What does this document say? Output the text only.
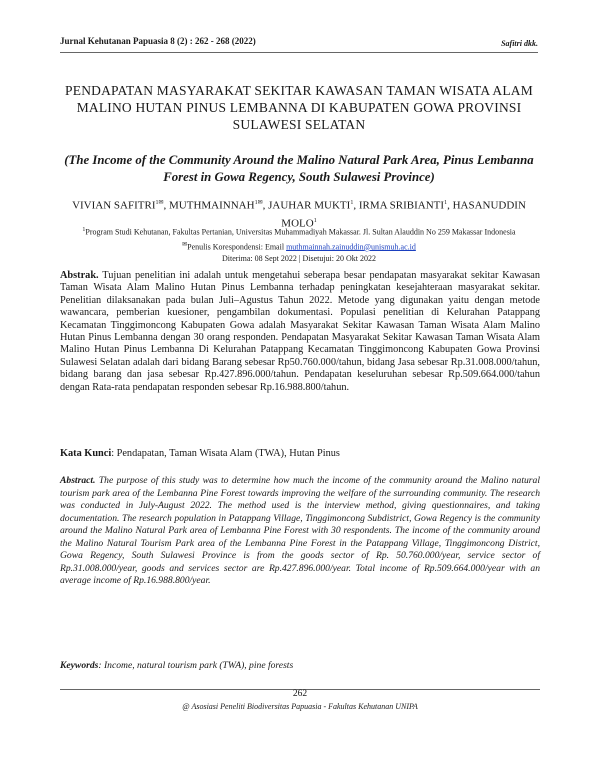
Jurnal Kehutanan Papuasia 8 (2) : 262 - 268 (2022)	Safitri dkk.
PENDAPATAN MASYARAKAT SEKITAR KAWASAN TAMAN WISATA ALAM MALINO HUTAN PINUS LEMBANNA DI KABUPATEN GOWA PROVINSI SULAWESI SELATAN
(The Income of the Community Around the Malino Natural Park Area, Pinus Lembanna Forest in Gowa Regency, South Sulawesi Province)
VIVIAN $SAFITRI^{1✉}$, $MUTHMAINNAH^{1✉}$, JAUHAR MUKTI$^1$, IRMA SRIBIANTI$^1$, HASANUDDIN MOLO$^1$
$^1$Program Studi Kehutanan, Fakultas Pertanian, Universitas Muhammadiyah Makassar. Jl. Sultan Alauddin No 259 Makassar Indonesia
✉Penulis Korespondensi: Email muthmainnah.zainuddin@unismuh.ac.id
Diterima: 08 Sept 2022 | Disetujui: 20 Okt 2022
Abstrak. Tujuan penelitian ini adalah untuk mengetahui seberapa besar pendapatan masyarakat sekitar Kawasan Taman Wisata Alam Malino Hutan Pinus Lembanna terhadap peningkatan kesejahteraan masyarakat sekitar. Penelitian dilaksanakan pada bulan Juli–Agustus Tahun 2022. Metode yang digunakan yaitu dengan metode wawancara, pemberian kuesioner, pengambilan dokumentasi. Populasi penelitian di Kelurahan Patappang Kecamatan Tinggimoncong Kabupaten Gowa adalah Masyarakat Sekitar Kawasan Taman Wisata Alam Malino Hutan Pinus Lembanna dengan 30 orang responden. Pendapatan Masyarakat Sekitar Kawasan Taman Wisata Alam Malino Hutan Pinus Lembanna Di Kelurahan Patappang Kecamatan Tinggimoncong Kabupaten Gowa Provinsi Sulawesi Selatan adalah dari bidang Barang sebesar Rp50.760.000/tahun, bidang Jasa sebesar Rp.31.008.000/tahun, bidang barang dan jasa sebesar Rp.427.896.000/tahun. Pendapatan keseluruhan sebesar Rp.509.664.000/tahun dengan Rata-rata pendapatan responden sebesar Rp.16.988.800/tahun.
Kata Kunci: Pendapatan, Taman Wisata Alam (TWA), Hutan Pinus
Abstract. The purpose of this study was to determine how much the income of the community around the Malino natural tourism park area of the Lembanna Pine Forest towards improving the welfare of the surrounding community. The research was conducted in July-August 2022. The method used is the interview method, giving questionnaires, and taking documentation. The research population in Patappang Village, Tinggimoncong Subdistrict, Gowa Regency is the community around the Malino Natural Park area of Lembanna Pine Forest with 30 respondents. The income of the community around the Malino Natural Tourism Park area of the Lembanna Pine Forest in the Patappang Village, Tinggimoncong District, Gowa Regency, South Sulawesi Province is from the goods sector of Rp. 50.760.000/year, service sector of Rp.31.008.000/year, goods and services sector are Rp.427.896.000/year. Total income of Rp.509.664.000/year with an average income of Rp.16.988.800/year.
Keywords: Income, natural tourism park (TWA), pine forests
262
@ Asosiasi Peneliti Biodiversitas Papuasia - Fakultas Kehutanan UNIPA
